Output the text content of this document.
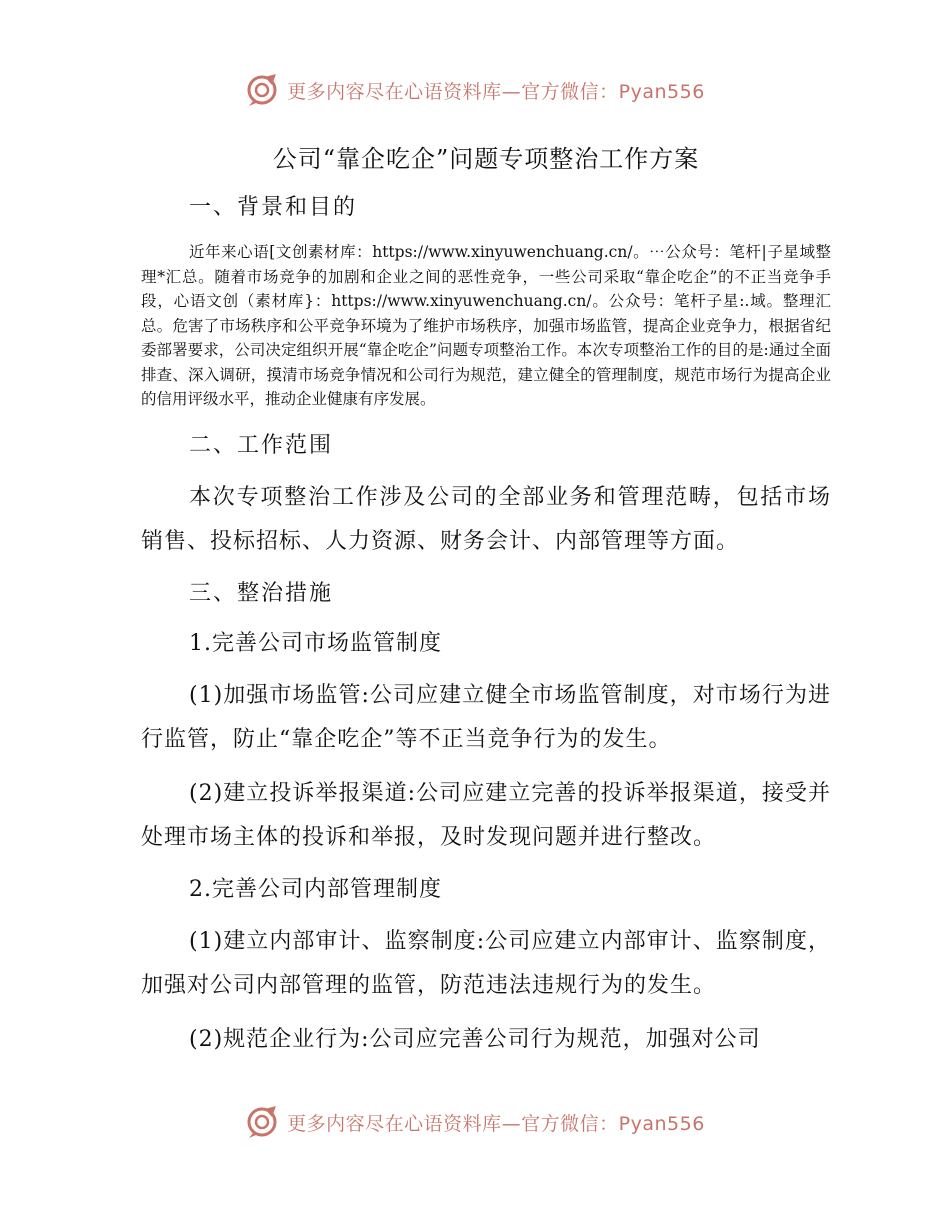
更多内容尽在心语资料库—官方微信：Pyan556
公司“靠企吃企”问题专项整治工作方案
一、背景和目的

近年来心语[文创素材库：https://www.xinyuwenchuang.cn/。⋯公众号：笔杆|子星域整理*汇总。随着市场竞争的加剧和企业之间的恶性竞争，一些公司采取“靠企吃企”的不正当竞争手段，心语文创（素材库}：https://www.xinyuwenchuang.cn/。公众号：笔杆子星:.域。整理汇总。危害了市场秩序和公平竞争环境为了维护市场秩序，加强市场监管，提高企业竞争力，根据省纪委部署要求，公司决定组织开展“靠企吃企”问题专项整治工作。本次专项整治工作的目的是:通过全面排查、深入调研，摸清市场竞争情况和公司行为规范，建立健全的管理制度，规范市场行为提高企业的信用评级水平，推动企业健康有序发展。

二、工作范围

本次专项整治工作涉及公司的全部业务和管理范畴，包括市场销售、投标招标、人力资源、财务会计、内部管理等方面。

三、整治措施
1.完善公司市场监管制度

(1)加强市场监管:公司应建立健全市场监管制度，对市场行为进行监管，防止“靠企吃企”等不正当竞争行为的发生。

(2)建立投诉举报渠道:公司应建立完善的投诉举报渠道，接受并处理市场主体的投诉和举报，及时发现问题并进行整改。

2.完善公司内部管理制度

(1)建立内部审计、监察制度:公司应建立内部审计、监察制度，加强对公司内部管理的监管，防范违法违规行为的发生。

(2)规范企业行为:公司应完善公司行为规范，加强对公司

更多内容尽在心语资料库—官方微信：Pyan556
